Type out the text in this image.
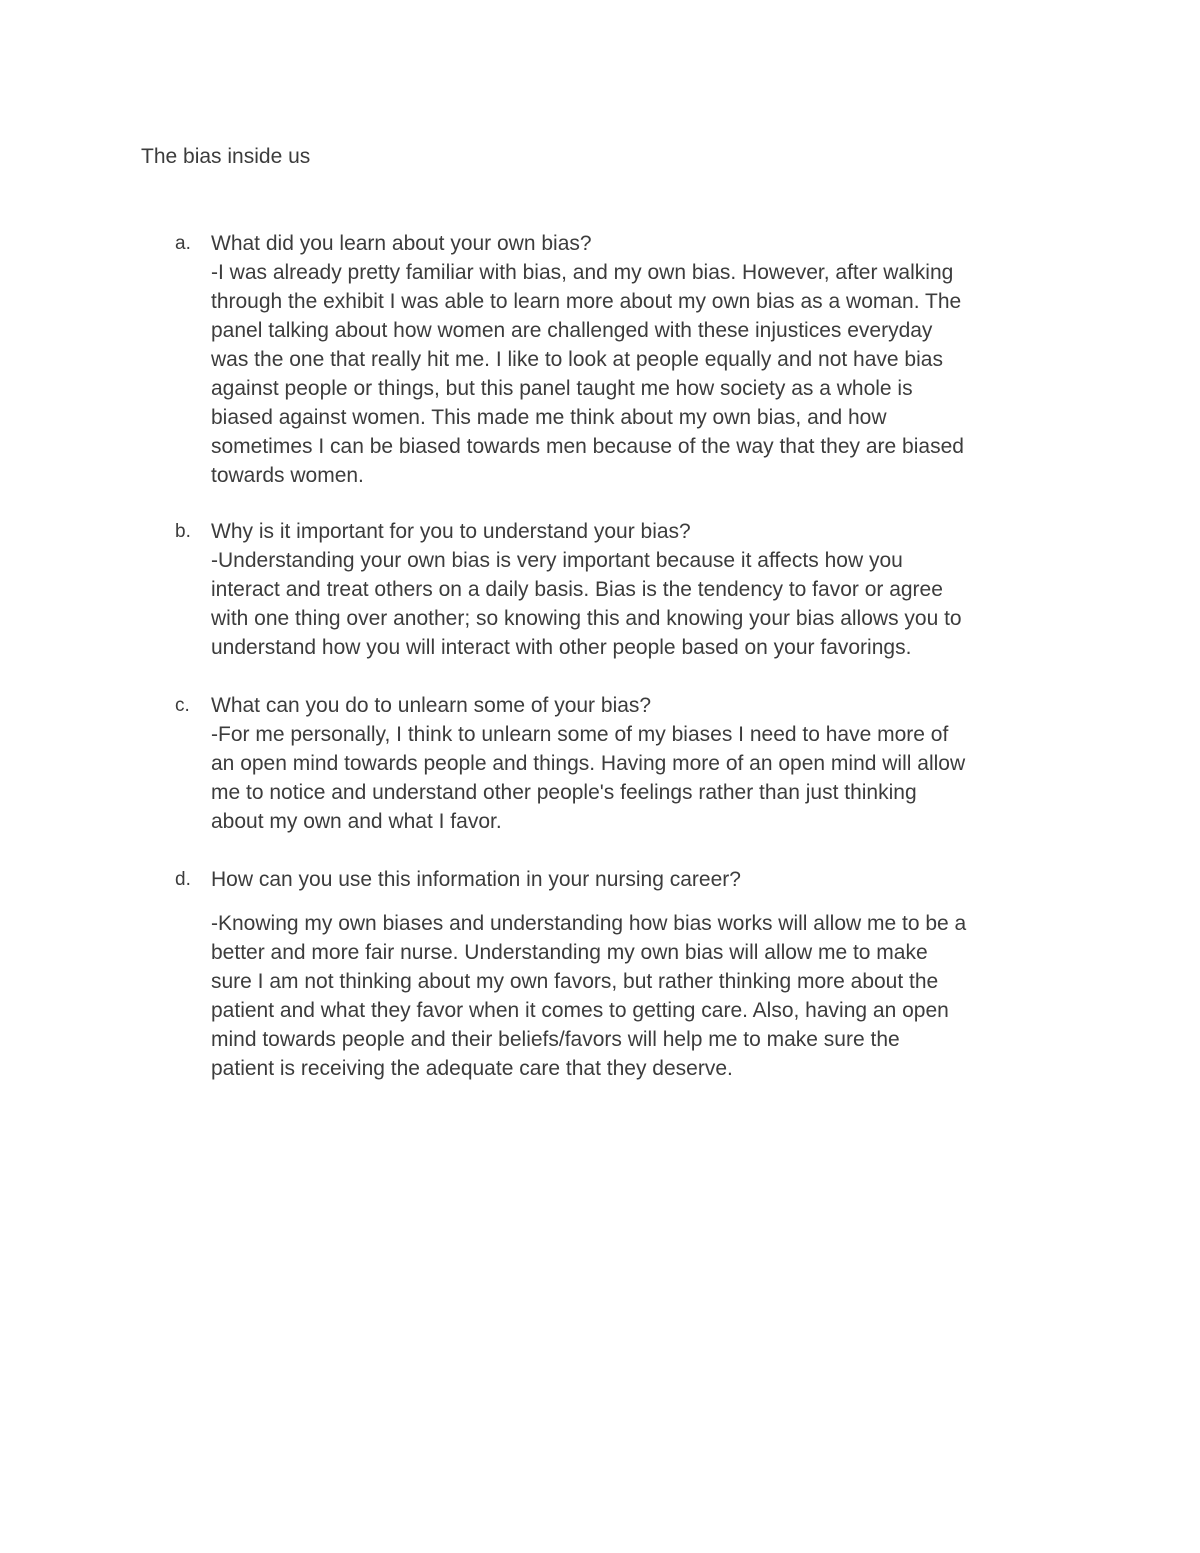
The bias inside us
a. What did you learn about your own bias?

-I was already pretty familiar with bias, and my own bias. However, after walking
through the exhibit I was able to learn more about my own bias as a woman. The
panel talking about how women are challenged with these injustices everyday
was the one that really hit me. I like to look at people equally and not have bias
against people or things, but this panel taught me how society as a whole is
biased against women. This made me think about my own bias, and how
sometimes I can be biased towards men because of the way that they are biased
towards women.
b. Why is it important for you to understand your bias?

-Understanding your own bias is very important because it affects how you
interact and treat others on a daily basis. Bias is the tendency to favor or agree
with one thing over another; so knowing this and knowing your bias allows you to
understand how you will interact with other people based on your favorings.
c. What can you do to unlearn some of your bias?

-For me personally, I think to unlearn some of my biases I need to have more of
an open mind towards people and things. Having more of an open mind will allow
me to notice and understand other people's feelings rather than just thinking
about my own and what I favor.
d. How can you use this information in your nursing career?

-Knowing my own biases and understanding how bias works will allow me to be a
better and more fair nurse. Understanding my own bias will allow me to make
sure I am not thinking about my own favors, but rather thinking more about the
patient and what they favor when it comes to getting care. Also, having an open
mind towards people and their beliefs/favors will help me to make sure the
patient is receiving the adequate care that they deserve.
